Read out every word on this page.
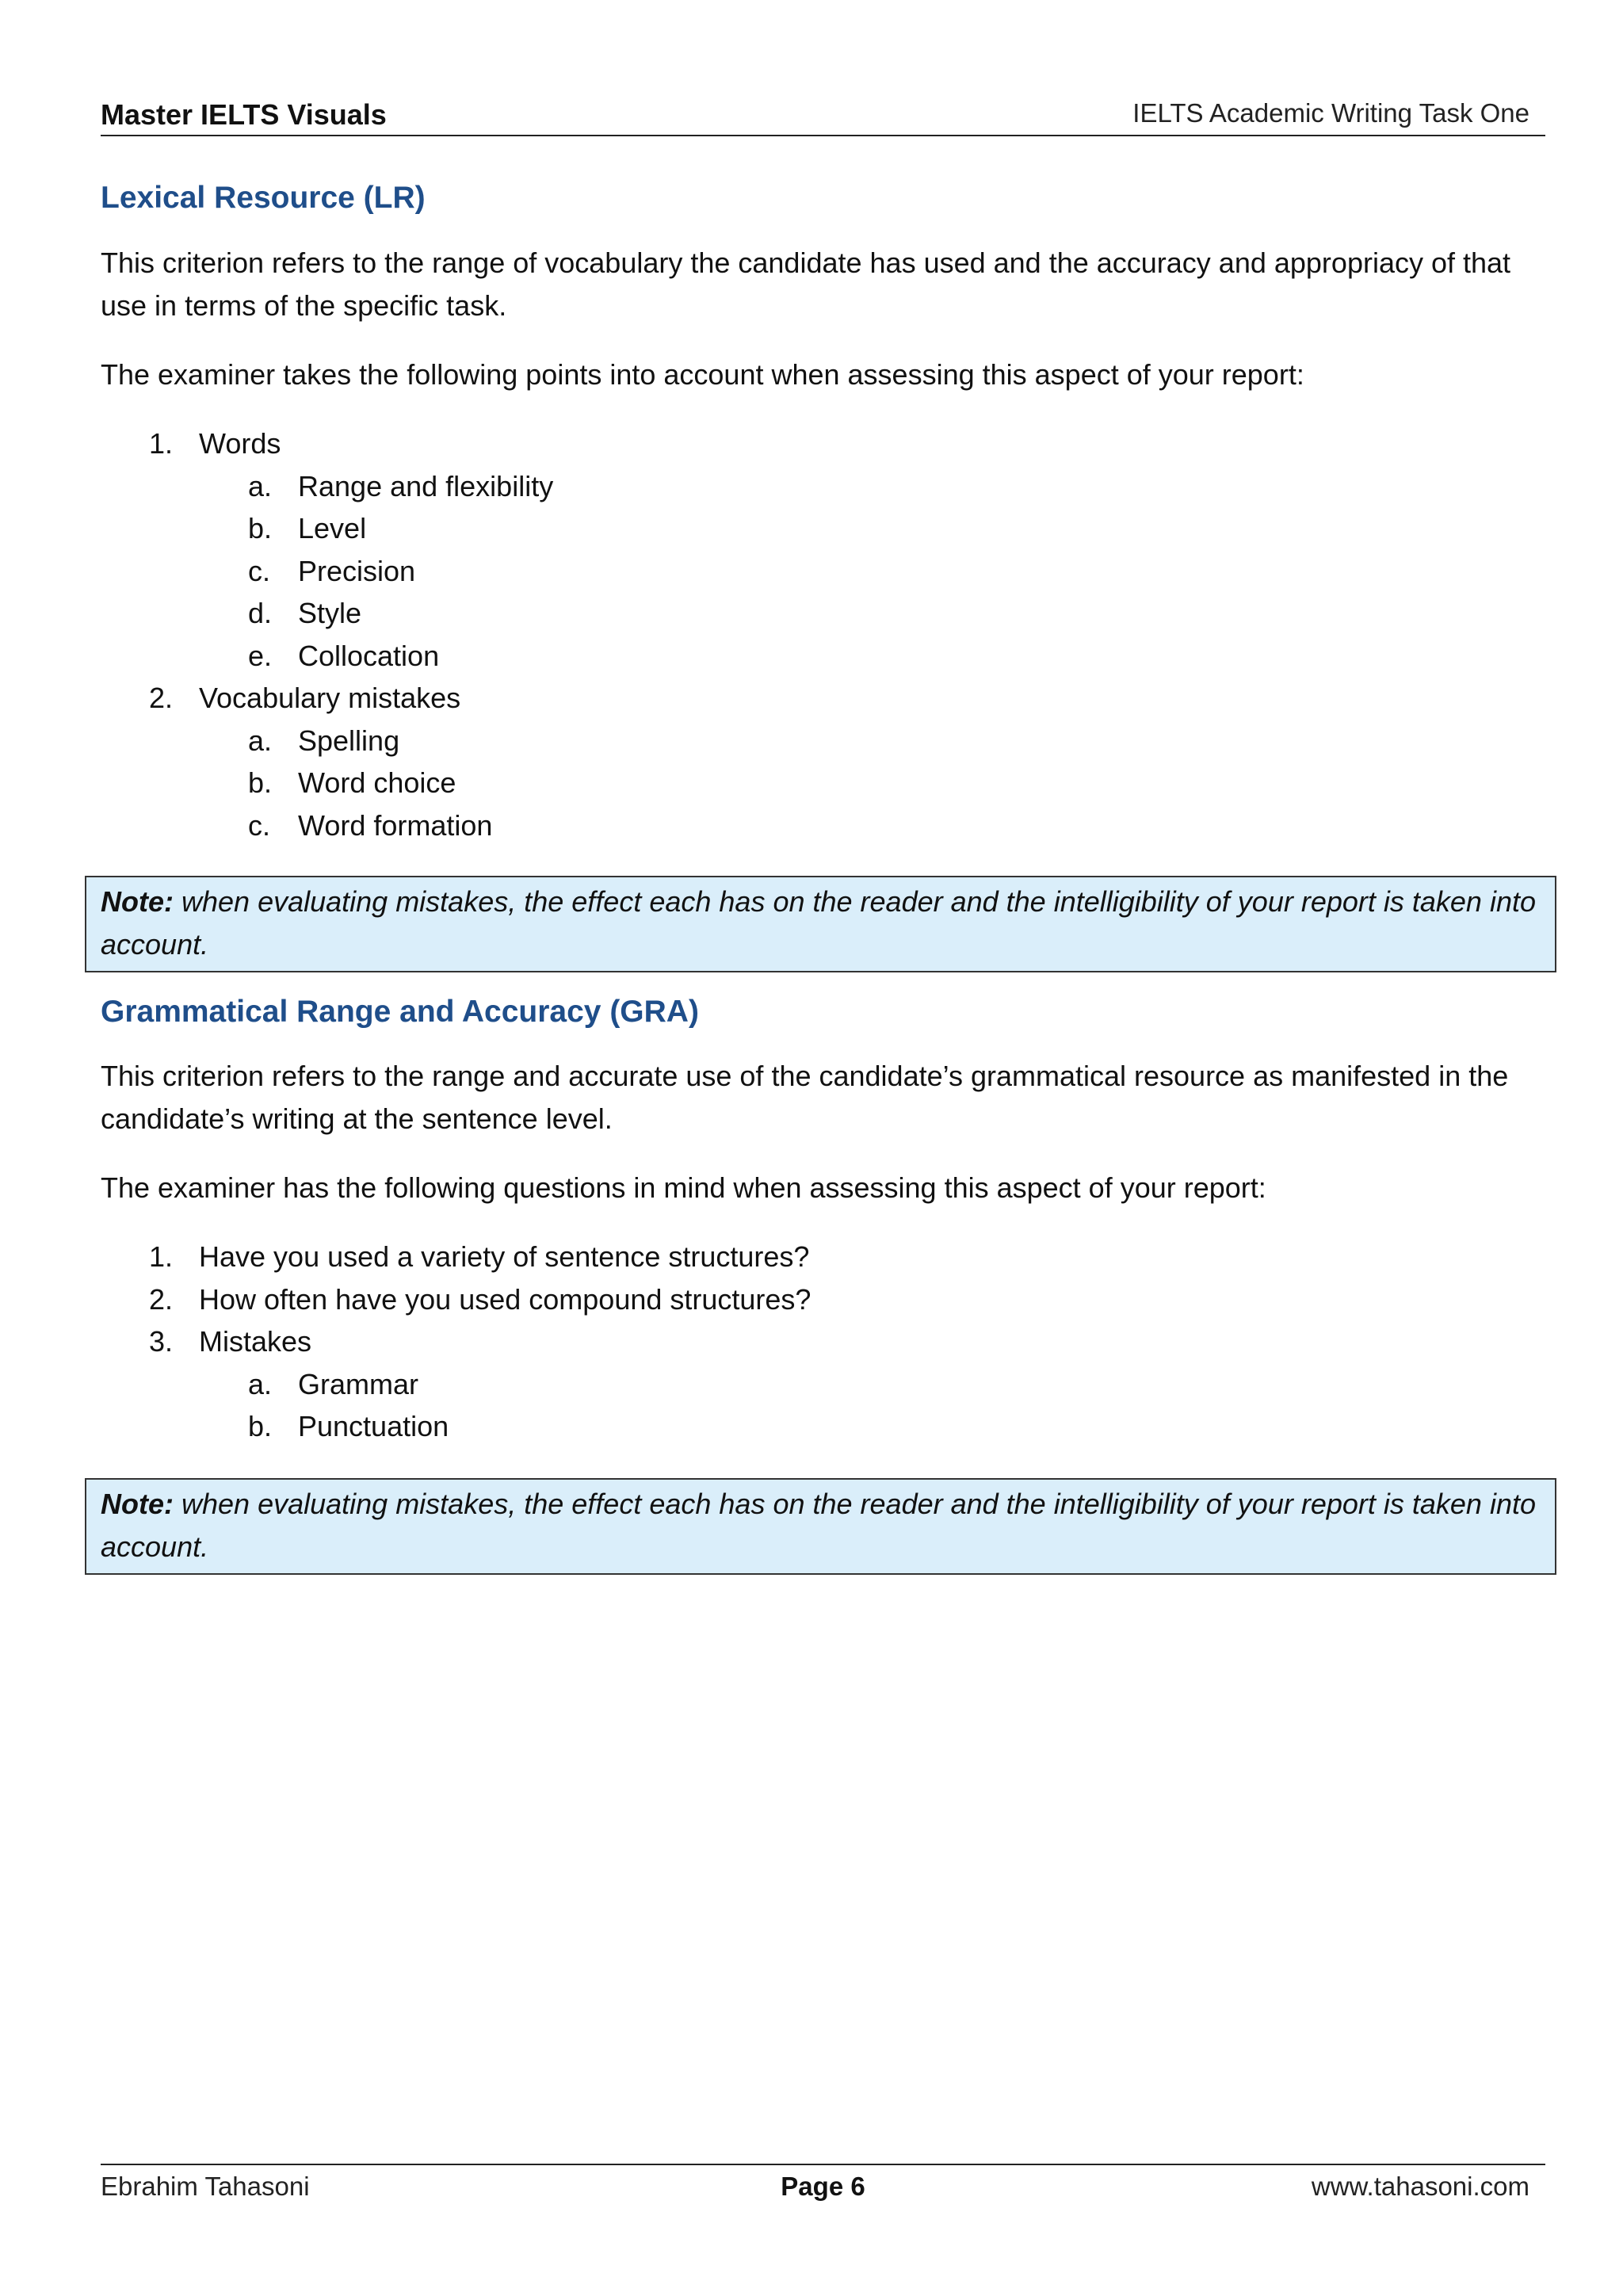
Master IELTS Visuals	IELTS Academic Writing Task One
Lexical Resource (LR)
This criterion refers to the range of vocabulary the candidate has used and the accuracy and appropriacy of that use in terms of the specific task.
The examiner takes the following points into account when assessing this aspect of your report:
1. Words
a. Range and flexibility
b. Level
c. Precision
d. Style
e. Collocation
2. Vocabulary mistakes
a. Spelling
b. Word choice
c. Word formation
Note: when evaluating mistakes, the effect each has on the reader and the intelligibility of your report is taken into account.
Grammatical Range and Accuracy (GRA)
This criterion refers to the range and accurate use of the candidate’s grammatical resource as manifested in the candidate’s writing at the sentence level.
The examiner has the following questions in mind when assessing this aspect of your report:
1. Have you used a variety of sentence structures?
2. How often have you used compound structures?
3. Mistakes
a. Grammar
b. Punctuation
Note: when evaluating mistakes, the effect each has on the reader and the intelligibility of your report is taken into account.
Ebrahim Tahasoni	Page 6	www.tahasoni.com
